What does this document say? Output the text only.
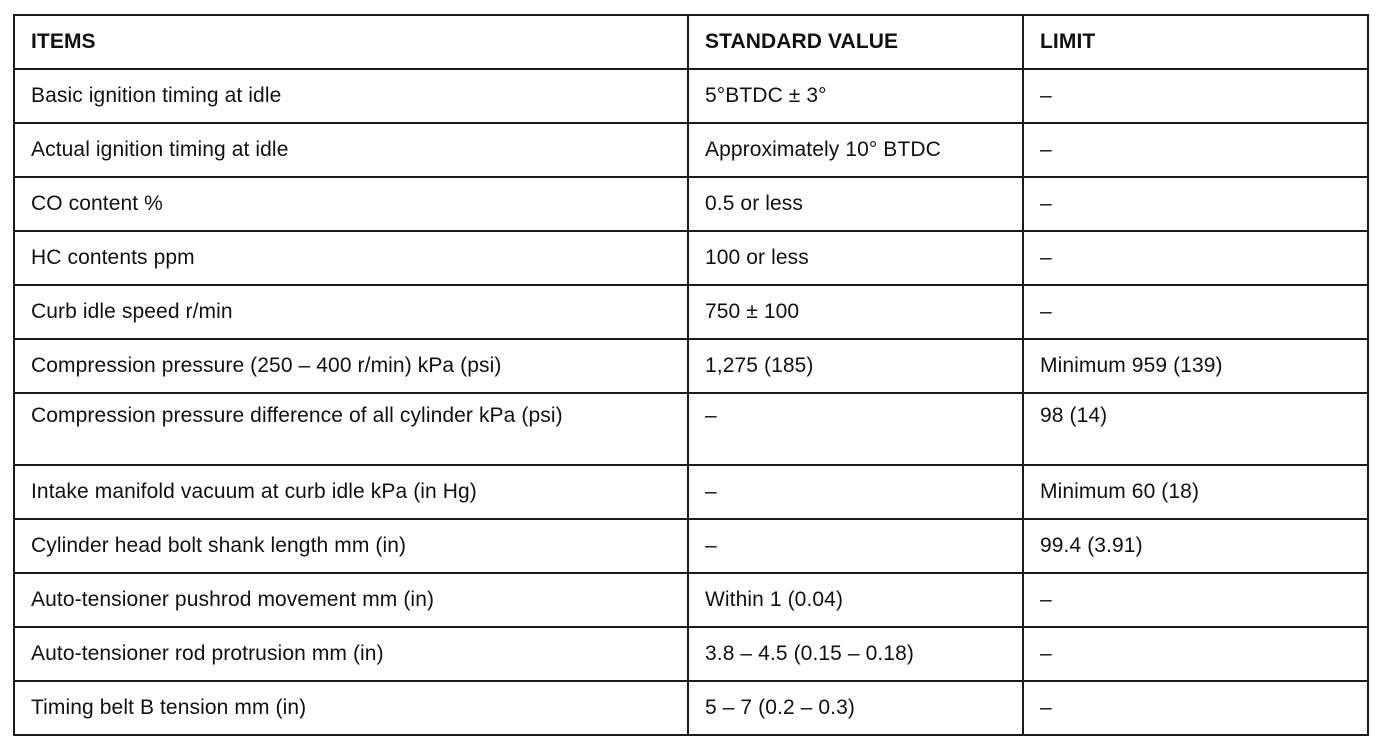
ITEMS	STANDARD VALUE	LIMIT
Basic ignition timing at idle	5°BTDC ± 3°	–
Actual ignition timing at idle	Approximately 10° BTDC	–
CO content %	0.5 or less	–
HC contents ppm	100 or less	–
Curb idle speed r/min	750 ± 100	–
Compression pressure (250 – 400 r/min) kPa (psi)	1,275 (185)	Minimum 959 (139)
Compression pressure difference of all cylinder kPa (psi)	–	98 (14)
Intake manifold vacuum at curb idle kPa (in Hg)	–	Minimum 60 (18)
Cylinder head bolt shank length mm (in)	–	99.4 (3.91)
Auto-tensioner pushrod movement mm (in)	Within 1 (0.04)	–
Auto-tensioner rod protrusion mm (in)	3.8 – 4.5 (0.15 – 0.18)	–
Timing belt B tension mm (in)	5 – 7 (0.2 – 0.3)	–
